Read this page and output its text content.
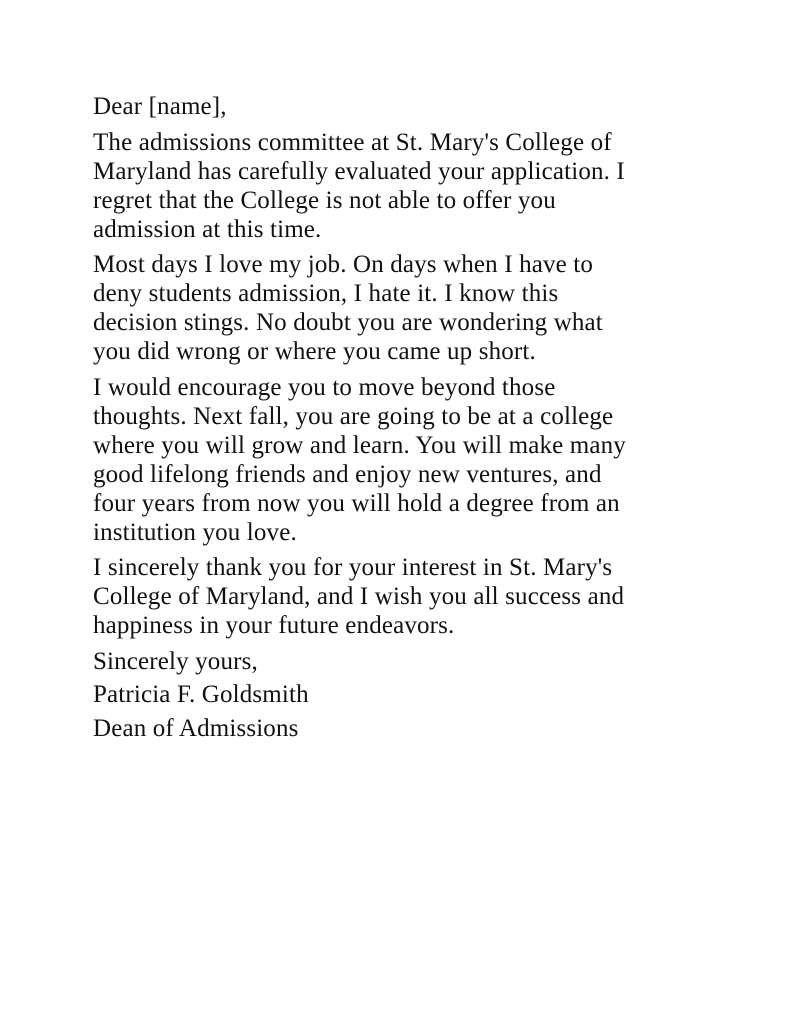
Dear [name],
The admissions committee at St. Mary's College of
Maryland has carefully evaluated your application. I
regret that the College is not able to offer you
admission at this time.
Most days I love my job. On days when I have to
deny students admission, I hate it. I know this
decision stings. No doubt you are wondering what
you did wrong or where you came up short.
I would encourage you to move beyond those
thoughts. Next fall, you are going to be at a college
where you will grow and learn. You will make many
good lifelong friends and enjoy new ventures, and
four years from now you will hold a degree from an
institution you love.
I sincerely thank you for your interest in St. Mary's
College of Maryland, and I wish you all success and
happiness in your future endeavors.
Sincerely yours,
Patricia F. Goldsmith
Dean of Admissions
